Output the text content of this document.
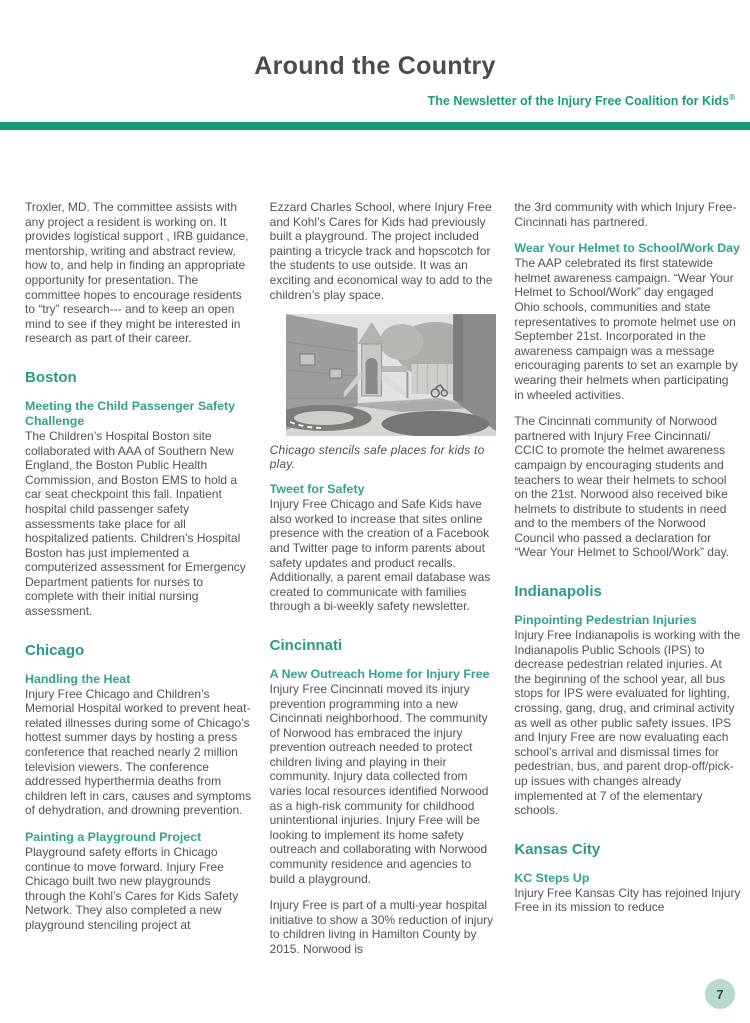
Around the Country
The Newsletter of the Injury Free Coalition for Kids®
Troxler, MD. The committee assists with any project a resident is working on. It provides logistical support , IRB guidance, mentorship, writing and abstract review, how to, and help in finding an appropriate opportunity for presentation. The committee hopes to encourage residents to “try” research--- and to keep an open mind to see if they might be interested in research as part of their career.
Boston
Meeting the Child Passenger Safety Challenge
The Children’s Hospital Boston site collaborated with AAA of Southern New England, the Boston Public Health Commission, and Boston EMS to hold a car seat checkpoint this fall. Inpatient hospital child passenger safety assessments take place for all hospitalized patients. Children’s Hospital Boston has just implemented a computerized assessment for Emergency Department patients for nurses to complete with their initial nursing assessment.
Chicago
Handling the Heat
Injury Free Chicago and Children’s Memorial Hospital worked to prevent heat-related illnesses during some of Chicago’s hottest summer days by hosting a press conference that reached nearly 2 million television viewers. The conference addressed hyperthermia deaths from children left in cars, causes and symptoms of dehydration, and drowning prevention.
Painting a Playground Project
Playground safety efforts in Chicago continue to move forward. Injury Free Chicago built two new playgrounds through the Kohl’s Cares for Kids Safety Network. They also completed a new playground stenciling project at
Ezzard Charles School, where Injury Free and Kohl’s Cares for Kids had previously built a playground. The project included painting a tricycle track and hopscotch for the students to use outside. It was an exciting and economical way to add to the children’s play space.
Chicago stencils safe places for kids to play.
Tweet for Safety
Injury Free Chicago and Safe Kids have also worked to increase that sites online presence with the creation of a Facebook and Twitter page to inform parents about safety updates and product recalls. Additionally, a parent email database was created to communicate with families through a bi-weekly safety newsletter.
Cincinnati
A New Outreach Home for Injury Free
Injury Free Cincinnati moved its injury prevention programming into a new Cincinnati neighborhood. The community of Norwood has embraced the injury prevention outreach needed to protect children living and playing in their community. Injury data collected from varies local resources identified Norwood as a high-risk community for childhood unintentional injuries. Injury Free will be looking to implement its home safety outreach and collaborating with Norwood community residence and agencies to build a playground.
Injury Free is part of a multi-year hospital initiative to show a 30% reduction of injury to children living in Hamilton County by 2015. Norwood is
the 3rd community with which Injury Free-Cincinnati has partnered.
Wear Your Helmet to School/Work Day
The AAP celebrated its first statewide helmet awareness campaign. “Wear Your Helmet to School/Work” day engaged Ohio schools, communities and state representatives to promote helmet use on September 21st. Incorporated in the awareness campaign was a message encouraging parents to set an example by wearing their helmets when participating in wheeled activities.
The Cincinnati community of Norwood partnered with Injury Free Cincinnati/ CCIC to promote the helmet awareness campaign by encouraging students and teachers to wear their helmets to school on the 21st. Norwood also received bike helmets to distribute to students in need and to the members of the Norwood Council who passed a declaration for “Wear Your Helmet to School/Work” day.
Indianapolis
Pinpointing Pedestrian Injuries
Injury Free Indianapolis is working with the Indianapolis Public Schools (IPS) to decrease pedestrian related injuries. At the beginning of the school year, all bus stops for IPS were evaluated for lighting, crossing, gang, drug, and criminal activity as well as other public safety issues. IPS and Injury Free are now evaluating each school’s arrival and dismissal times for pedestrian, bus, and parent drop-off/pick-up issues with changes already implemented at 7 of the elementary schools.
Kansas City
KC Steps Up
Injury Free Kansas City has rejoined Injury Free in its mission to reduce
7
